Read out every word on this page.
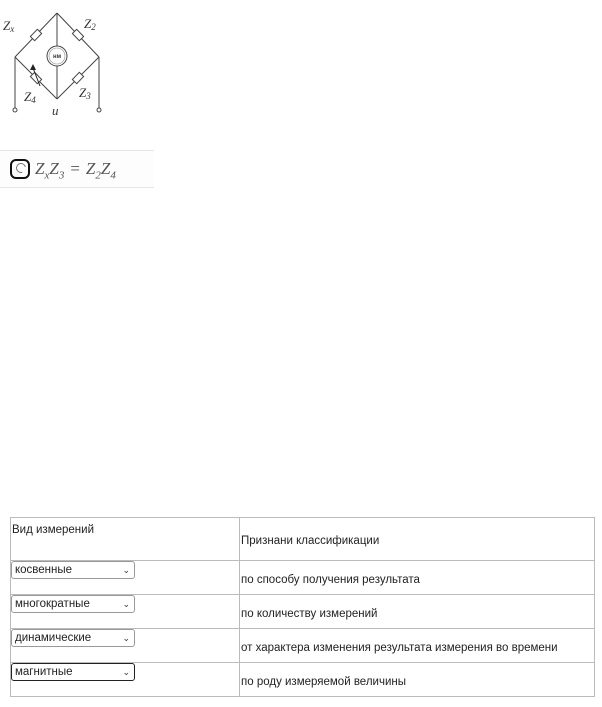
нм
Zx	Z2
Z4	Z3
u
$Z_xZ_3 = Z_2Z_4$
Вид измерений	Признани классификации

косвенные ⌄	по способу получения результата

многократные ⌄	по количеству измерений

динамические ⌄	от характера изменения результата измерения во времени

магнитные ⌄	по роду измеряемой величины
